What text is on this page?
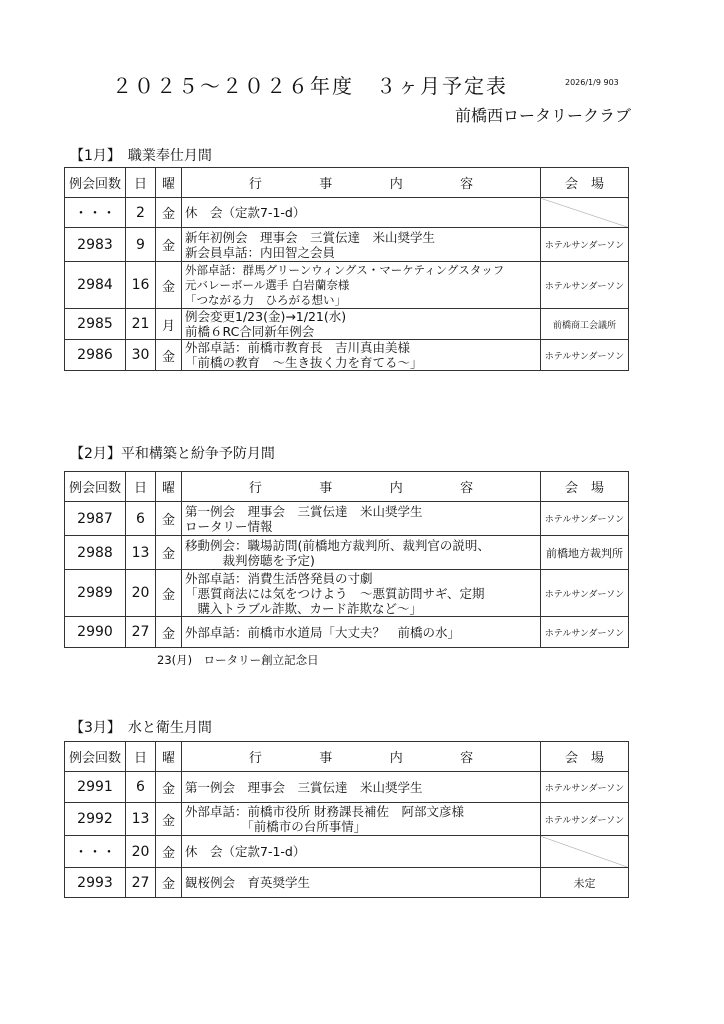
２０２５～２０２６年度　３ヶ月予定表	2026/1/9 903
前橋西ロータリークラブ
【1月】　職業奉仕月間
例会回数	日	曜	行 事 内 容	会　場
・・・	2	金	休　会（定款7-1-d）	

2983	9	金	新年初例会　理事会　三賞伝達　米山奨学生
新会員卓話：内田智之会員	ホテルサンダーソン
2984	16	金	外部卓話：群馬グリーンウィングス・マーケティングスタッフ
元バレーボール選手 白岩蘭奈様
「つながる力　ひろがる想い」	ホテルサンダーソン
2985	21	月	例会変更1/23(金)→1/21(水)
前橋６RC合同新年例会	前橋商工会議所
2986	30	金	外部卓話：前橋市教育長　吉川真由美様
「前橋の教育　～生き抜く力を育てる～」	ホテルサンダーソン
【2月】平和構築と紛争予防月間
例会回数	日	曜	行 事 内 容	会　場
2987	6	金	第一例会　理事会　三賞伝達　米山奨学生
ロータリー情報	ホテルサンダーソン
2988	13	金	移動例会：職場訪問(前橋地方裁判所、裁判官の説明、
　　　裁判傍聴を予定)	前橋地方裁判所
2989	20	金	外部卓話：消費生活啓発員の寸劇
「悪質商法には気をつけよう　～悪質訪問サギ、定期
　購入トラブル詐欺、カード詐欺など～」	ホテルサンダーソン
2990	27	金	外部卓話：前橋市水道局「大丈夫？　前橋の水」	ホテルサンダーソン
23(月)　ロータリー創立記念日
【3月】　水と衛生月間
例会回数	日	曜	行 事 内 容	会　場
2991	6	金	第一例会　理事会　三賞伝達　米山奨学生	ホテルサンダーソン
2992	13	金	外部卓話：前橋市役所 財務課長補佐　阿部文彦様
　　　　　「前橋市の台所事情」	ホテルサンダーソン
・・・	20	金	休　会（定款7-1-d）	

2993	27	金	観桜例会　育英奨学生	未定
